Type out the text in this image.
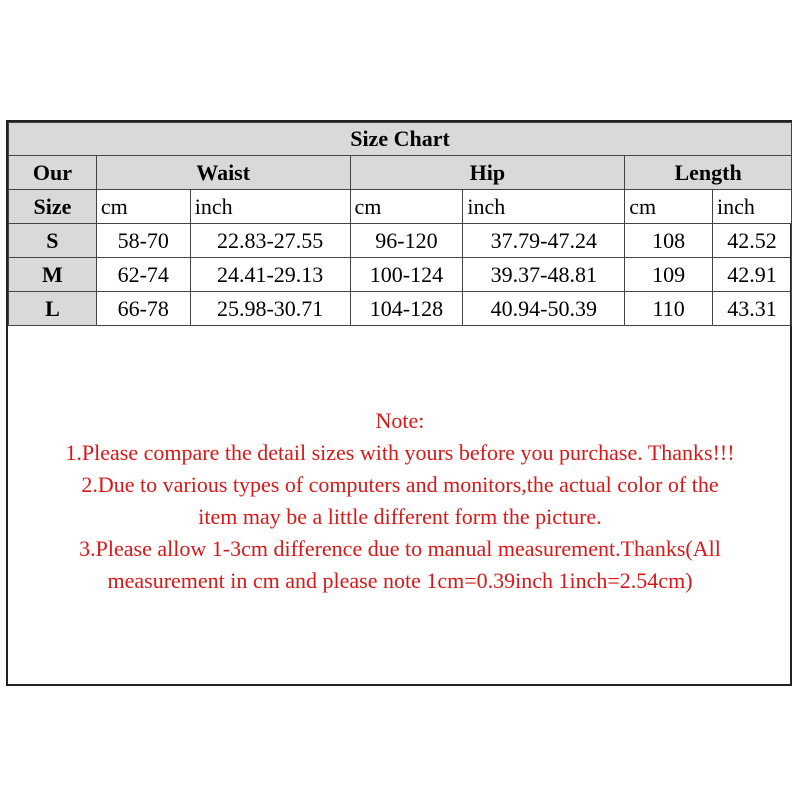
Size Chart						
Our	Waist		Hip		Length	
Size	cm	inch	cm	inch	cm	inch
S	58-70	22.83-27.55	96-120	37.79-47.24	108	42.52
M	62-74	24.41-29.13	100-124	39.37-48.81	109	42.91
L	66-78	25.98-30.71	104-128	40.94-50.39	110	43.31
Note:
1.Please compare the detail sizes with yours before you purchase. Thanks!!!
2.Due to various types of computers and monitors,the actual color of the
item may be a little different form the picture.
3.Please allow 1-3cm difference due to manual measurement.Thanks(All
measurement in cm and please note 1cm=0.39inch 1inch=2.54cm)
